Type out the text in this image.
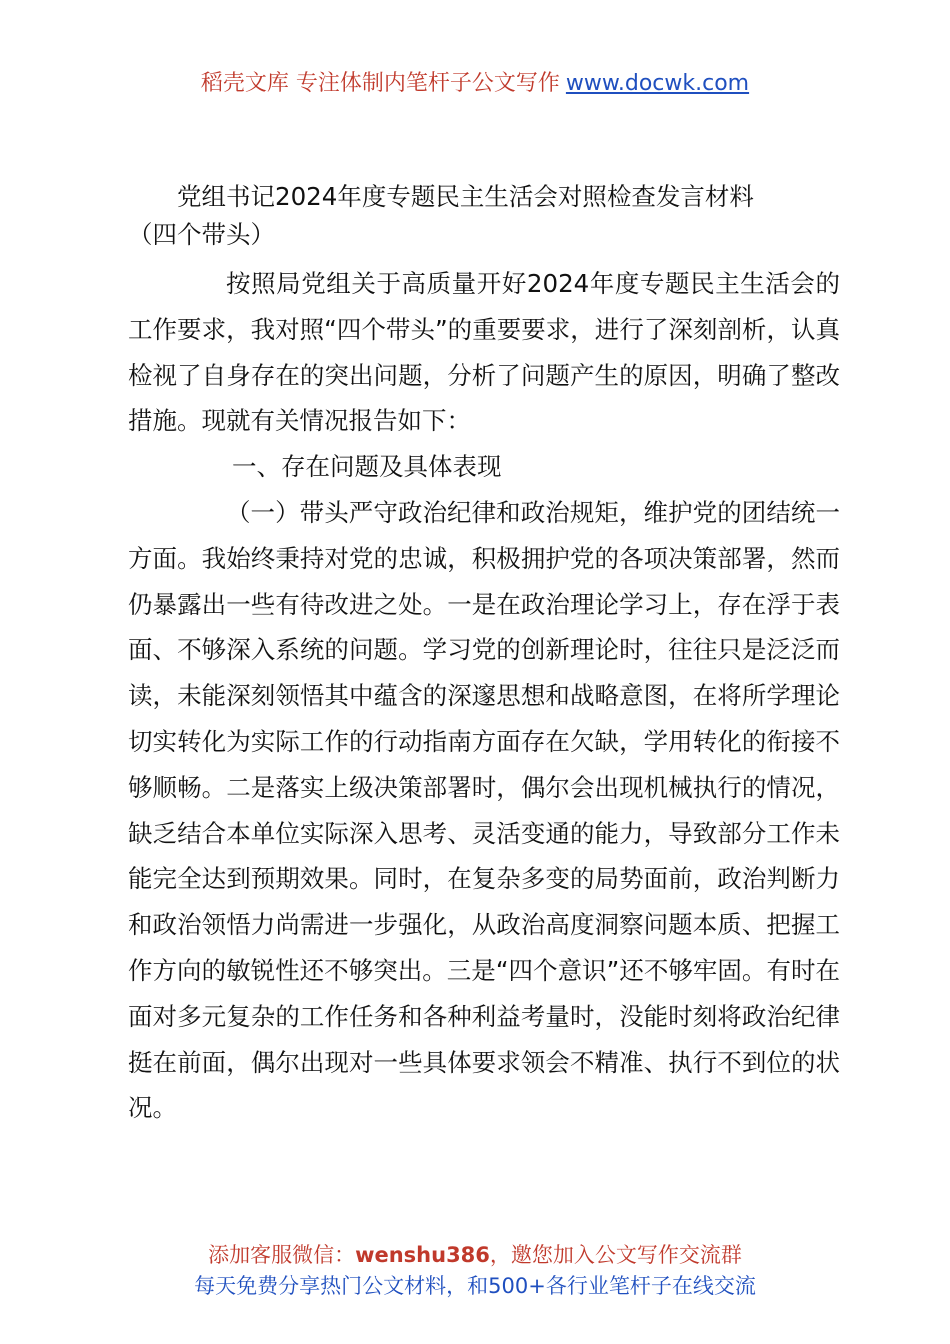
稻壳文库 专注体制内笔杆子公文写作 www.docwk.com
党组书记2024年度专题民主生活会对照检查发言材料
（四个带头）

按照局党组关于高质量开好2024年度专题民主生活会的工作要求，我对照“四个带头”的重要要求，进行了深刻剖析，认真检视了自身存在的突出问题，分析了问题产生的原因，明确了整改措施。现就有关情况报告如下：

一、存在问题及具体表现

（一）带头严守政治纪律和政治规矩，维护党的团结统一方面。我始终秉持对党的忠诚，积极拥护党的各项决策部署，然而仍暴露出一些有待改进之处。一是在政治理论学习上，存在浮于表面、不够深入系统的问题。学习党的创新理论时，往往只是泛泛而读，未能深刻领悟其中蕴含的深邃思想和战略意图，在将所学理论切实转化为实际工作的行动指南方面存在欠缺，学用转化的衔接不够顺畅。二是落实上级决策部署时，偶尔会出现机械执行的情况，缺乏结合本单位实际深入思考、灵活变通的能力，导致部分工作未能完全达到预期效果。同时，在复杂多变的局势面前，政治判断力和政治领悟力尚需进一步强化，从政治高度洞察问题本质、把握工作方向的敏锐性还不够突出。三是“四个意识”还不够牢固。有时在面对多元复杂的工作任务和各种利益考量时，没能时刻将政治纪律挺在前面，偶尔出现对一些具体要求领会不精准、执行不到位的状况。

添加客服微信：wenshu386，邀您加入公文写作交流群
每天免费分享热门公文材料，和500+各行业笔杆子在线交流
